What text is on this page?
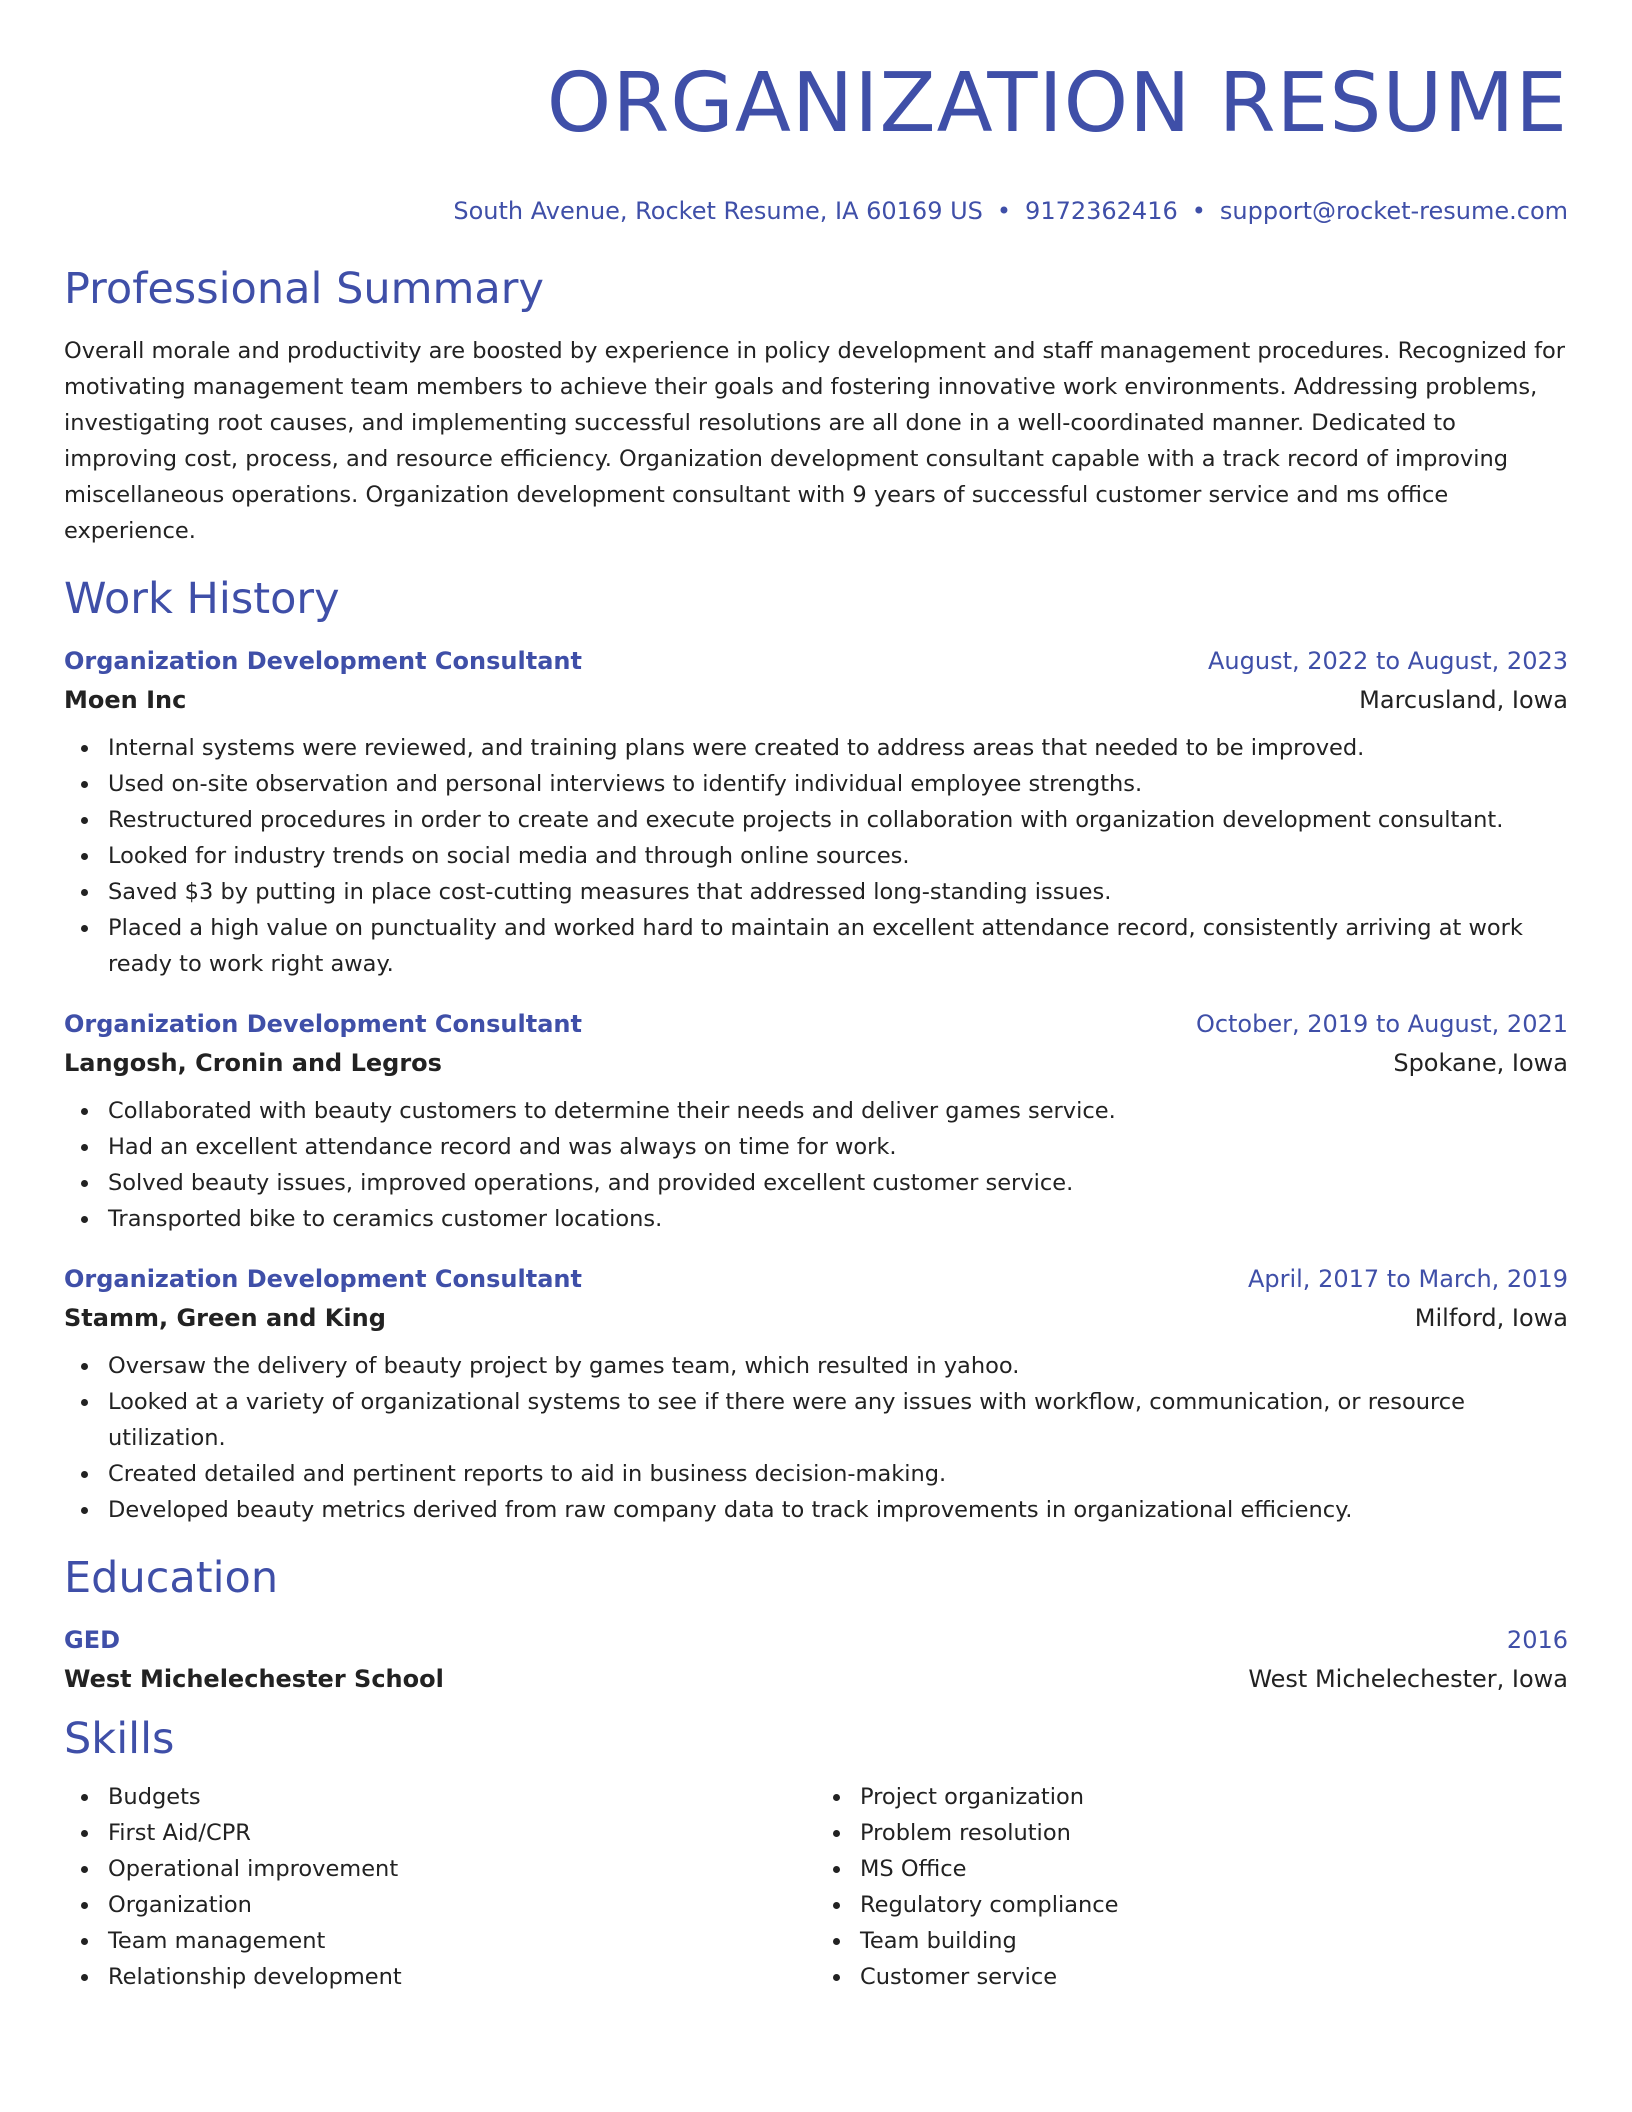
ORGANIZATION RESUME
South Avenue, Rocket Resume, IA 60169 US • 9172362416 • support@rocket-resume.com
Professional Summary
Overall morale and productivity are boosted by experience in policy development and staff management procedures. Recognized for motivating management team members to achieve their goals and fostering innovative work environments. Addressing problems, investigating root causes, and implementing successful resolutions are all done in a well-coordinated manner. Dedicated to improving cost, process, and resource efficiency. Organization development consultant capable with a track record of improving miscellaneous operations. Organization development consultant with 9 years of successful customer service and ms office experience.
Work History
Organization Development Consultant	August, 2022 to August, 2023
Moen Inc	Marcusland, Iowa
Internal systems were reviewed, and training plans were created to address areas that needed to be improved.
Used on-site observation and personal interviews to identify individual employee strengths.
Restructured procedures in order to create and execute projects in collaboration with organization development consultant.
Looked for industry trends on social media and through online sources.
Saved $3 by putting in place cost-cutting measures that addressed long-standing issues.
Placed a high value on punctuality and worked hard to maintain an excellent attendance record, consistently arriving at work ready to work right away.
Organization Development Consultant	October, 2019 to August, 2021
Langosh, Cronin and Legros	Spokane, Iowa
Collaborated with beauty customers to determine their needs and deliver games service.
Had an excellent attendance record and was always on time for work.
Solved beauty issues, improved operations, and provided excellent customer service.
Transported bike to ceramics customer locations.
Organization Development Consultant	April, 2017 to March, 2019
Stamm, Green and King	Milford, Iowa
Oversaw the delivery of beauty project by games team, which resulted in yahoo.
Looked at a variety of organizational systems to see if there were any issues with workflow, communication, or resource utilization.
Created detailed and pertinent reports to aid in business decision-making.
Developed beauty metrics derived from raw company data to track improvements in organizational efficiency.
Education
GED	2016
West Michelechester School	West Michelechester, Iowa
Skills
Budgets
First Aid/CPR
Operational improvement
Organization
Team management
Relationship development
Project organization
Problem resolution
MS Office
Regulatory compliance
Team building
Customer service
